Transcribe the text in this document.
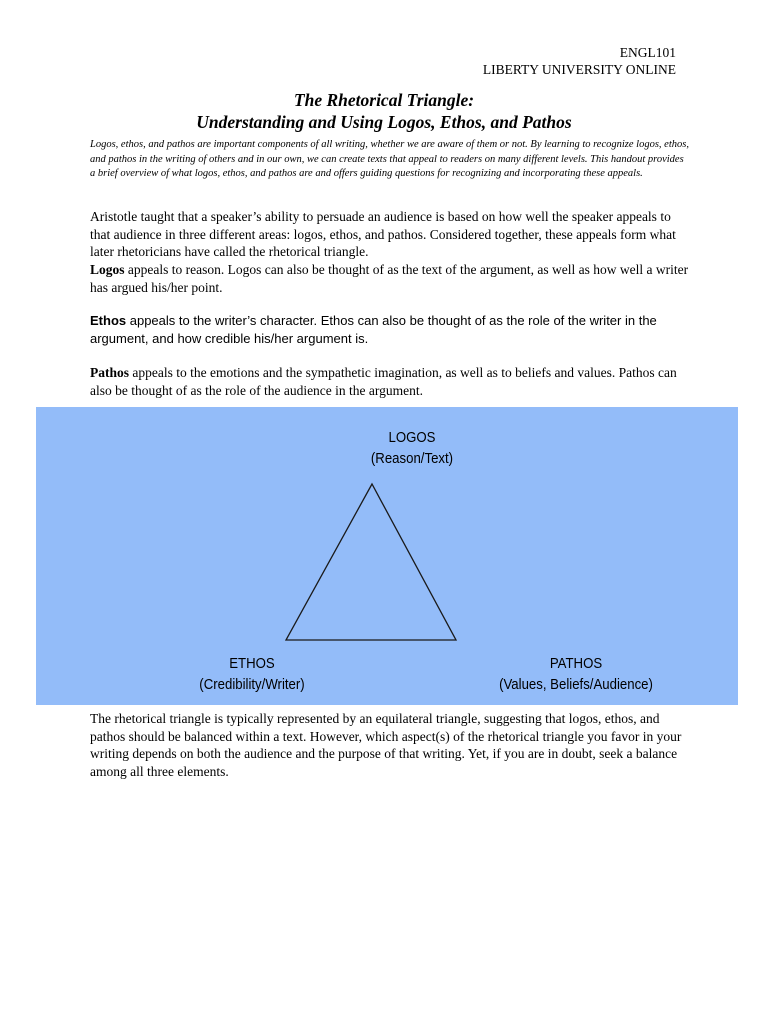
ENGL101
LIBERTY UNIVERSITY ONLINE
The Rhetorical Triangle:
Understanding and Using Logos, Ethos, and Pathos
Logos, ethos, and pathos are important components of all writing, whether we are aware of them or not. By learning to recognize logos, ethos, and pathos in the writing of others and in our own, we can create texts that appeal to readers on many different levels. This handout provides a brief overview of what logos, ethos, and pathos are and offers guiding questions for recognizing and incorporating these appeals.
Aristotle taught that a speaker’s ability to persuade an audience is based on how well the speaker appeals to that audience in three different areas: logos, ethos, and pathos. Considered together, these appeals form what later rhetoricians have called the rhetorical triangle.
Logos appeals to reason. Logos can also be thought of as the text of the argument, as well as how well a writer has argued his/her point.
Ethos appeals to the writer’s character. Ethos can also be thought of as the role of the writer in the argument, and how credible his/her argument is.
Pathos appeals to the emotions and the sympathetic imagination, as well as to beliefs and values. Pathos can also be thought of as the role of the audience in the argument.
LOGOS
(Reason/Text)
ETHOS
(Credibility/Writer)
PATHOS
(Values, Beliefs/Audience)
The rhetorical triangle is typically represented by an equilateral triangle, suggesting that logos, ethos, and pathos should be balanced within a text. However, which aspect(s) of the rhetorical triangle you favor in your writing depends on both the audience and the purpose of that writing. Yet, if you are in doubt, seek a balance among all three elements.
